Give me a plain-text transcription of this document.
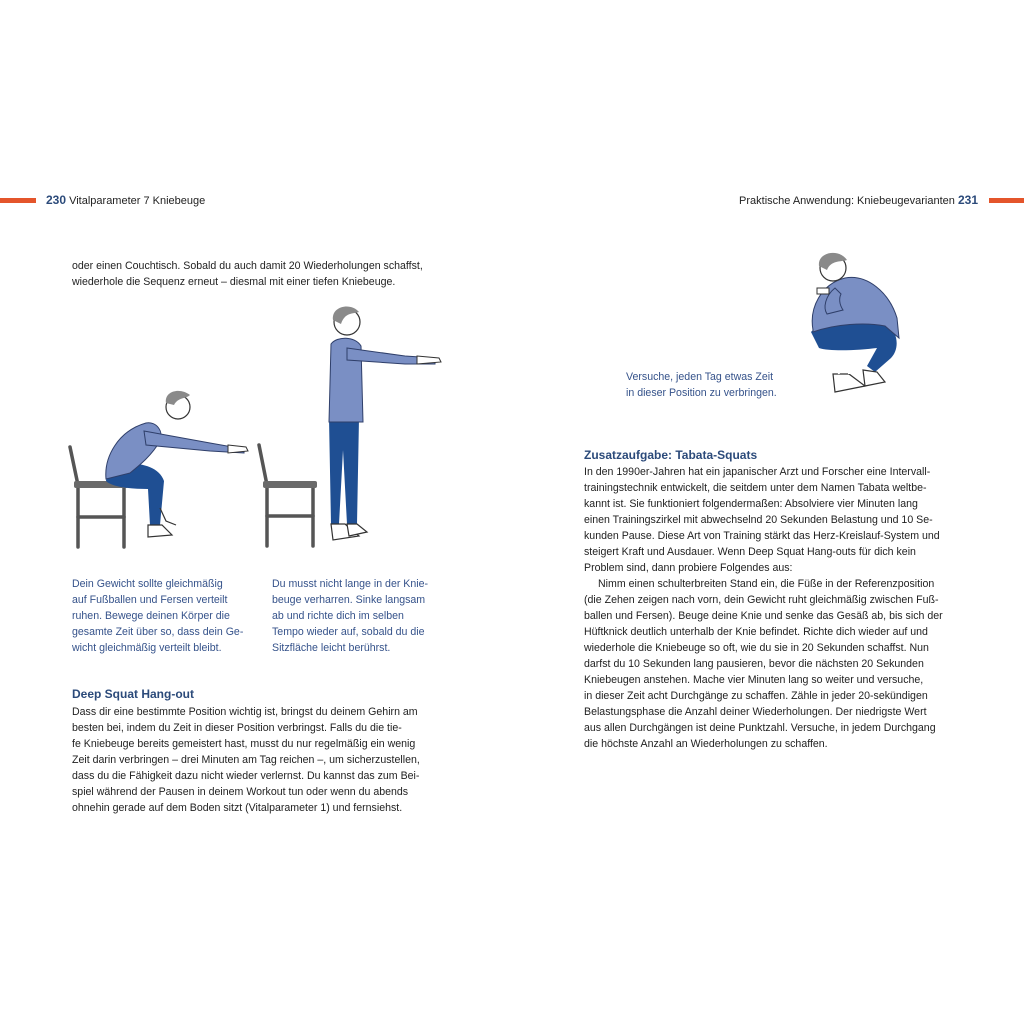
230 Vitalparameter 7 Kniebeuge	Praktische Anwendung: Kniebeugevarianten 231

oder einen Couchtisch. Sobald du auch damit 20 Wiederholungen schaffst,

wiederhole die Sequenz erneut – diesmal mit einer tiefen Kniebeuge.

Dein Gewicht sollte gleichmäßig
auf Fußballen und Fersen verteilt
ruhen. Bewege deinen Körper die
gesamte Zeit über so, dass dein Ge-
wicht gleichmäßig verteilt bleibt.
Du musst nicht lange in der Knie-
beuge verharren. Sinke langsam
ab und richte dich im selben
Tempo wieder auf, sobald du die
Sitzfläche leicht berührst.
Deep Squat Hang-out

Dass dir eine bestimmte Position wichtig ist, bringst du deinem Gehirn am

besten bei, indem du Zeit in dieser Position verbringst. Falls du die tie-

fe Kniebeuge bereits gemeistert hast, musst du nur regelmäßig ein wenig

Zeit darin verbringen – drei Minuten am Tag reichen –, um sicherzustellen,

dass du die Fähigkeit dazu nicht wieder verlernst. Du kannst das zum Bei-

spiel während der Pausen in deinem Workout tun oder wenn du abends

ohnehin gerade auf dem Boden sitzt (Vitalparameter 1) und fernsiehst.

Versuche, jeden Tag etwas Zeit
in dieser Position zu verbringen.
Zusatzaufgabe: Tabata-Squats

In den 1990er-Jahren hat ein japanischer Arzt und Forscher eine Intervall-

trainingstechnik entwickelt, die seitdem unter dem Namen Tabata weltbe-

kannt ist. Sie funktioniert folgendermaßen: Absolviere vier Minuten lang

einen Trainingszirkel mit abwechselnd 20 Sekunden Belastung und 10 Se-

kunden Pause. Diese Art von Training stärkt das Herz-Kreislauf-System und

steigert Kraft und Ausdauer. Wenn Deep Squat Hang-outs für dich kein

Problem sind, dann probiere Folgendes aus:

Nimm einen schulterbreiten Stand ein, die Füße in der Referenzposition

(die Zehen zeigen nach vorn, dein Gewicht ruht gleichmäßig zwischen Fuß-

ballen und Fersen). Beuge deine Knie und senke das Gesäß ab, bis sich der

Hüftknick deutlich unterhalb der Knie befindet. Richte dich wieder auf und

wiederhole die Kniebeuge so oft, wie du sie in 20 Sekunden schaffst. Nun

darfst du 10 Sekunden lang pausieren, bevor die nächsten 20 Sekunden

Kniebeugen anstehen. Mache vier Minuten lang so weiter und versuche,

in dieser Zeit acht Durchgänge zu schaffen. Zähle in jeder 20-sekündigen

Belastungsphase die Anzahl deiner Wiederholungen. Der niedrigste Wert

aus allen Durchgängen ist deine Punktzahl. Versuche, in jedem Durchgang

die höchste Anzahl an Wiederholungen zu schaffen.
